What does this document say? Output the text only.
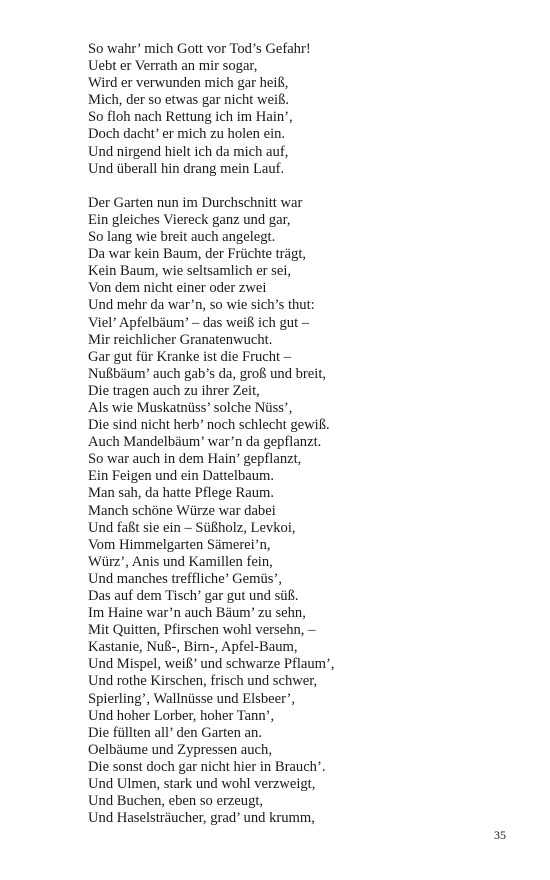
So wahr’ mich Gott vor Tod’s Gefahr!
Uebt er Verrath an mir sogar,
Wird er verwunden mich gar heiß,
Mich, der so etwas gar nicht weiß.
So floh nach Rettung ich im Hain’,
Doch dacht’ er mich zu holen ein.
Und nirgend hielt ich da mich auf,
Und überall hin drang mein Lauf.

Der Garten nun im Durchschnitt war
Ein gleiches Viereck ganz und gar,
So lang wie breit auch angelegt.
Da war kein Baum, der Früchte trägt,
Kein Baum, wie seltsamlich er sei,
Von dem nicht einer oder zwei
Und mehr da war’n, so wie sich’s thut:
Viel’ Apfelbäum’ – das weiß ich gut –
Mir reichlicher Granatenwucht.
Gar gut für Kranke ist die Frucht –
Nußbäum’ auch gab’s da, groß und breit,
Die tragen auch zu ihrer Zeit,
Als wie Muskatnüss’ solche Nüss’,
Die sind nicht herb’ noch schlecht gewiß.
Auch Mandelbäum’ war’n da gepflanzt.
So war auch in dem Hain’ gepflanzt,
Ein Feigen und ein Dattelbaum.
Man sah, da hatte Pflege Raum.
Manch schöne Würze war dabei
Und faßt sie ein – Süßholz, Levkoi,
Vom Himmelgarten Sämerei’n,
Würz’, Anis und Kamillen fein,
Und manches treffliche’ Gemüs’,
Das auf dem Tisch’ gar gut und süß.
Im Haine war’n auch Bäum’ zu sehn,
Mit Quitten, Pfirschen wohl versehn, –
Kastanie, Nuß-, Birn-, Apfel-Baum,
Und Mispel, weiß’ und schwarze Pflaum’,
Und rothe Kirschen, frisch und schwer,
Spierling’, Wallnüsse und Elsbeer’,
Und hoher Lorber, hoher Tann’,
Die füllten all’ den Garten an.
Oelbäume und Zypressen auch,
Die sonst doch gar nicht hier in Brauch’.
Und Ulmen, stark und wohl verzweigt,
Und Buchen, eben so erzeugt,
Und Haselsträucher, grad’ und krumm,

35
